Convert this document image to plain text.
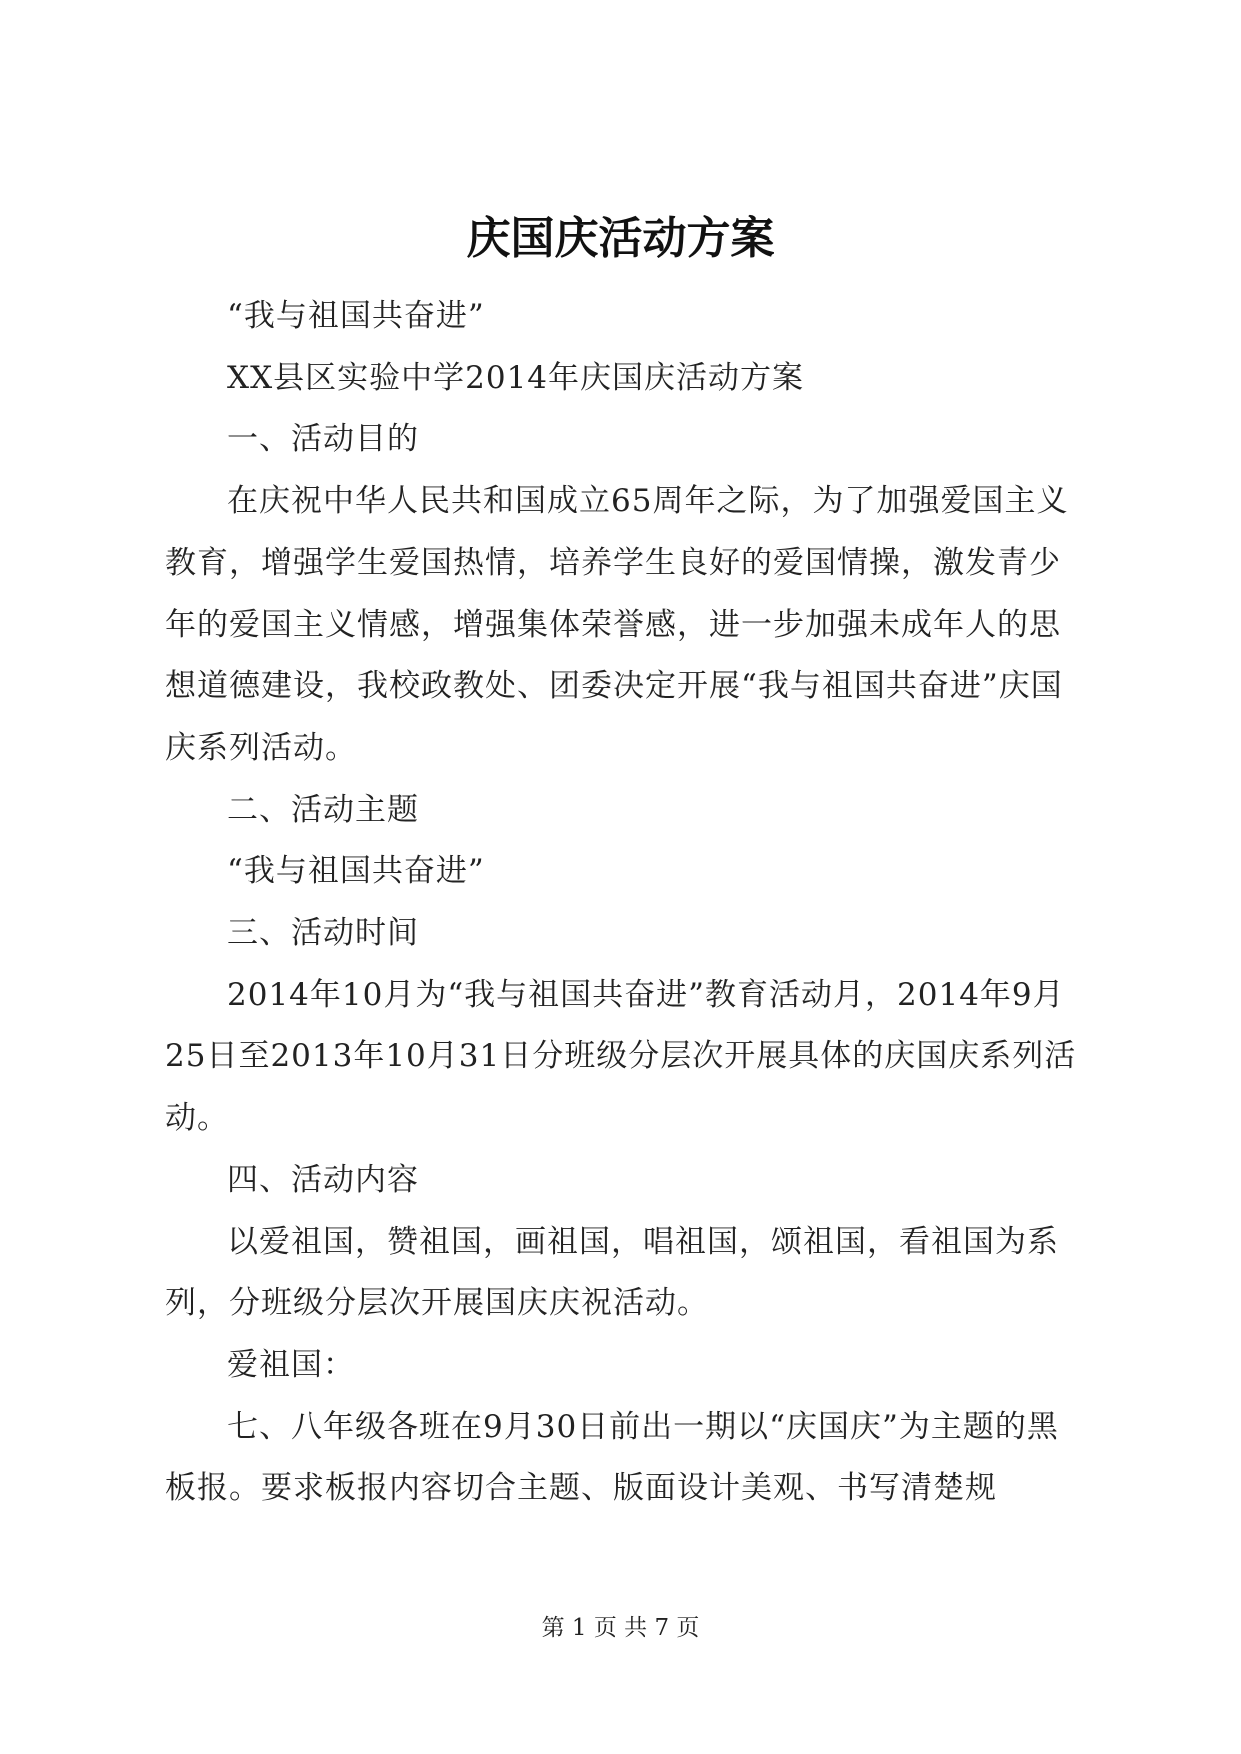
庆国庆活动方案

“我与祖国共奋进”

XX县区实验中学2014年庆国庆活动方案

一、活动目的

在庆祝中华人民共和国成立65周年之际，为了加强爱国主义教育，增强学生爱国热情，培养学生良好的爱国情操，激发青少年的爱国主义情感，增强集体荣誉感，进一步加强未成年人的思想道德建设，我校政教处、团委决定开展“我与祖国共奋进”庆国庆系列活动。

二、活动主题

“我与祖国共奋进”

三、活动时间

2014年10月为“我与祖国共奋进”教育活动月，2014年9月25日至2013年10月31日分班级分层次开展具体的庆国庆系列活动。

四、活动内容

以爱祖国，赞祖国，画祖国，唱祖国，颂祖国，看祖国为系列，分班级分层次开展国庆庆祝活动。

爱祖国：

七、八年级各班在9月30日前出一期以“庆国庆”为主题的黑板报。要求板报内容切合主题、版面设计美观、书写清楚规

第 1 页 共 7 页
